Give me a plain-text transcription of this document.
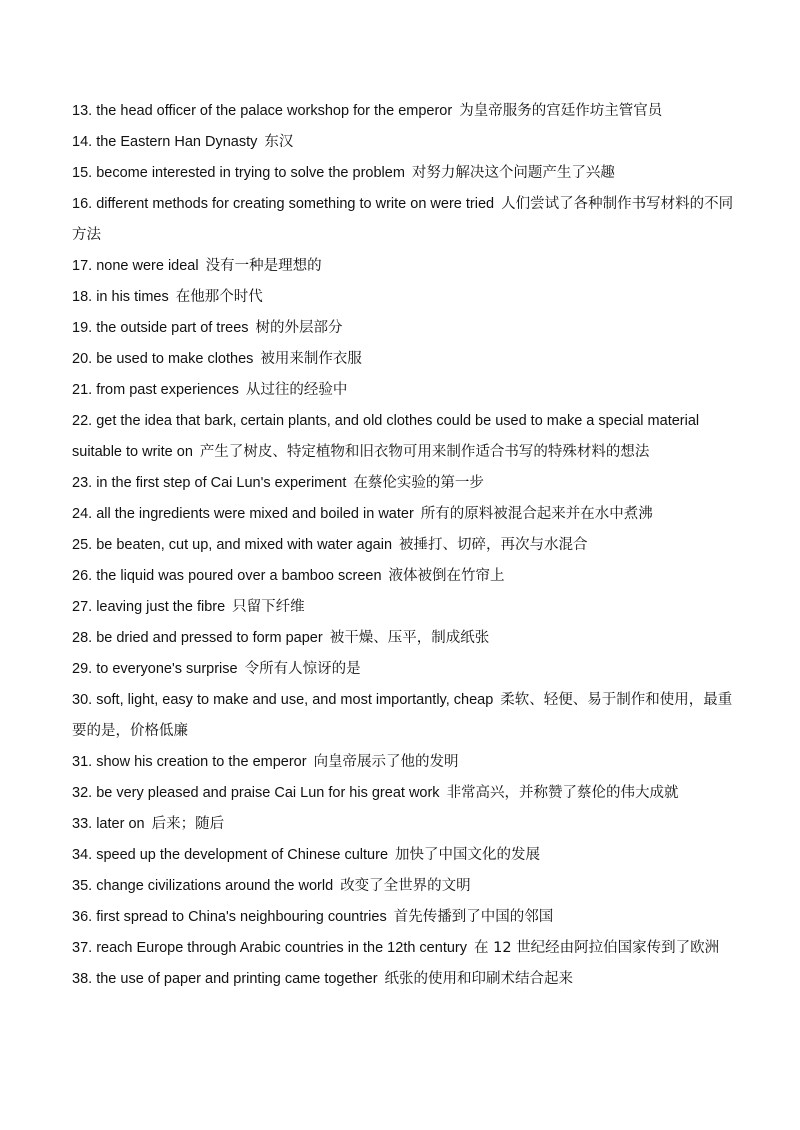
13. the head officer of the palace workshop for the emperor 为皇帝服务的宫廷作坊主管官员

14. the Eastern Han Dynasty 东汉

15. become interested in trying to solve the problem 对努力解决这个问题产生了兴趣

16. different methods for creating something to write on were tried 人们尝试了各种制作书写材料的不同方法

17. none were ideal 没有一种是理想的

18. in his times 在他那个时代

19. the outside part of trees 树的外层部分

20. be used to make clothes 被用来制作衣服

21. from past experiences 从过往的经验中

22. get the idea that bark, certain plants, and old clothes could be used to make a special material suitable to write on 产生了树皮、特定植物和旧衣物可用来制作适合书写的特殊材料的想法

23. in the first step of Cai Lun's experiment 在蔡伦实验的第一步

24. all the ingredients were mixed and boiled in water 所有的原料被混合起来并在水中煮沸

25. be beaten, cut up, and mixed with water again 被捶打、切碎，再次与水混合

26. the liquid was poured over a bamboo screen 液体被倒在竹帘上

27. leaving just the fibre 只留下纤维

28. be dried and pressed to form paper 被干燥、压平，制成纸张

29. to everyone's surprise 令所有人惊讶的是

30. soft, light, easy to make and use, and most importantly, cheap 柔软、轻便、易于制作和使用，最重要的是，价格低廉

31. show his creation to the emperor 向皇帝展示了他的发明

32. be very pleased and praise Cai Lun for his great work 非常高兴，并称赞了蔡伦的伟大成就

33. later on 后来；随后

34. speed up the development of Chinese culture 加快了中国文化的发展

35. change civilizations around the world 改变了全世界的文明

36. first spread to China's neighbouring countries 首先传播到了中国的邻国

37. reach Europe through Arabic countries in the 12th century 在 12 世纪经由阿拉伯国家传到了欧洲

38. the use of paper and printing came together 纸张的使用和印刷术结合起来
